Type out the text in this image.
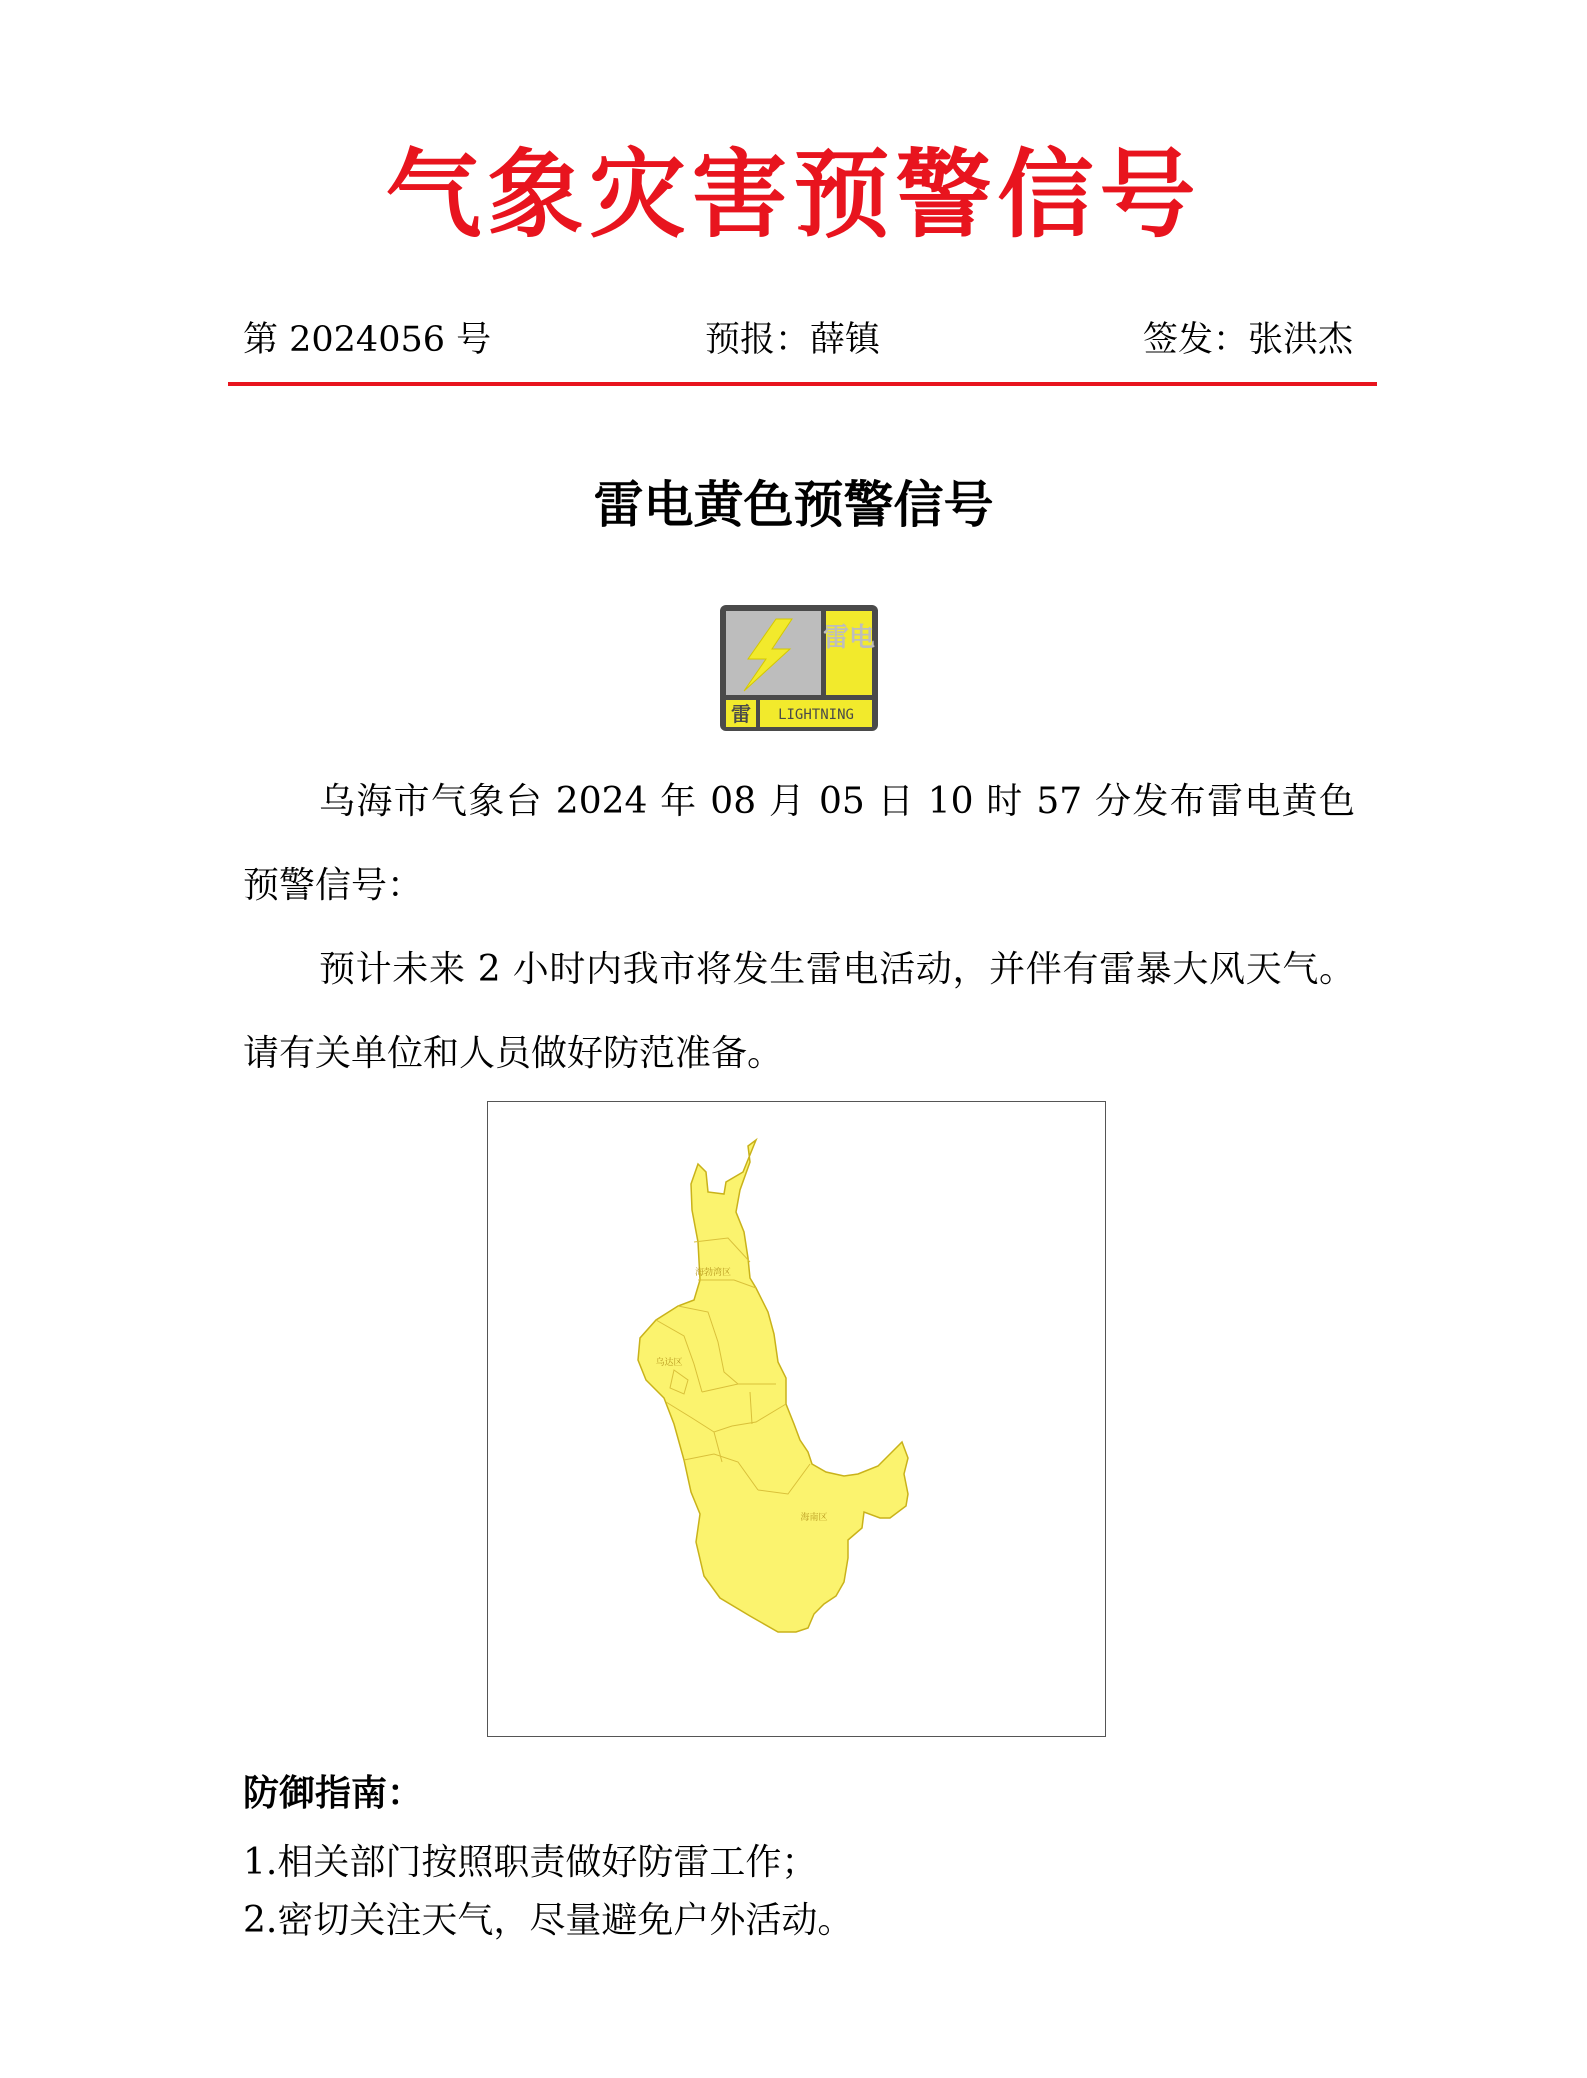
气象灾害预警信号
第 2024056 号	预报：薛镇	签发：张洪杰
雷电黄色预警信号
雷电
雷 LIGHTNING
乌海市气象台 2024 年 08 月 05 日 10 时 57 分发布雷电黄色预警信号：
预计未来 2 小时内我市将发生雷电活动，并伴有雷暴大风天气。请有关单位和人员做好防范准备。
海勃湾区
乌达区
海南区
防御指南：
1.相关部门按照职责做好防雷工作；
2.密切关注天气，尽量避免户外活动。
